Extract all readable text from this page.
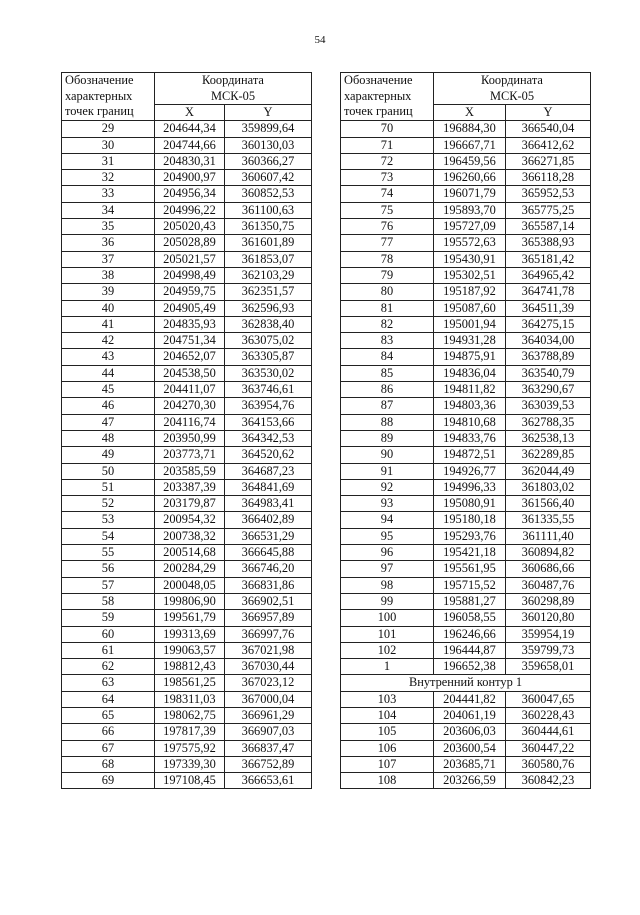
54
Обозначение
характерных
точек границ	Координата
МСК-05	
	X	Y
29	204644,34	359899,64
30	204744,66	360130,03
31	204830,31	360366,27
32	204900,97	360607,42
33	204956,34	360852,53
34	204996,22	361100,63
35	205020,43	361350,75
36	205028,89	361601,89
37	205021,57	361853,07
38	204998,49	362103,29
39	204959,75	362351,57
40	204905,49	362596,93
41	204835,93	362838,40
42	204751,34	363075,02
43	204652,07	363305,87
44	204538,50	363530,02
45	204411,07	363746,61
46	204270,30	363954,76
47	204116,74	364153,66
48	203950,99	364342,53
49	203773,71	364520,62
50	203585,59	364687,23
51	203387,39	364841,69
52	203179,87	364983,41
53	200954,32	366402,89
54	200738,32	366531,29
55	200514,68	366645,88
56	200284,29	366746,20
57	200048,05	366831,86
58	199806,90	366902,51
59	199561,79	366957,89
60	199313,69	366997,76
61	199063,57	367021,98
62	198812,43	367030,44
63	198561,25	367023,12
64	198311,03	367000,04
65	198062,75	366961,29
66	197817,39	366907,03
67	197575,92	366837,47
68	197339,30	366752,89
69	197108,45	366653,61
Обозначение
характерных
точек границ	Координата
МСК-05	
	X	Y
70	196884,30	366540,04
71	196667,71	366412,62
72	196459,56	366271,85
73	196260,66	366118,28
74	196071,79	365952,53
75	195893,70	365775,25
76	195727,09	365587,14
77	195572,63	365388,93
78	195430,91	365181,42
79	195302,51	364965,42
80	195187,92	364741,78
81	195087,60	364511,39
82	195001,94	364275,15
83	194931,28	364034,00
84	194875,91	363788,89
85	194836,04	363540,79
86	194811,82	363290,67
87	194803,36	363039,53
88	194810,68	362788,35
89	194833,76	362538,13
90	194872,51	362289,85
91	194926,77	362044,49
92	194996,33	361803,02
93	195080,91	361566,40
94	195180,18	361335,55
95	195293,76	361111,40
96	195421,18	360894,82
97	195561,95	360686,66
98	195715,52	360487,76
99	195881,27	360298,89
100	196058,55	360120,80
101	196246,66	359954,19
102	196444,87	359799,73
1	196652,38	359658,01
Внутренний контур 1		
103	204441,82	360047,65
104	204061,19	360228,43
105	203606,03	360444,61
106	203600,54	360447,22
107	203685,71	360580,76
108	203266,59	360842,23
